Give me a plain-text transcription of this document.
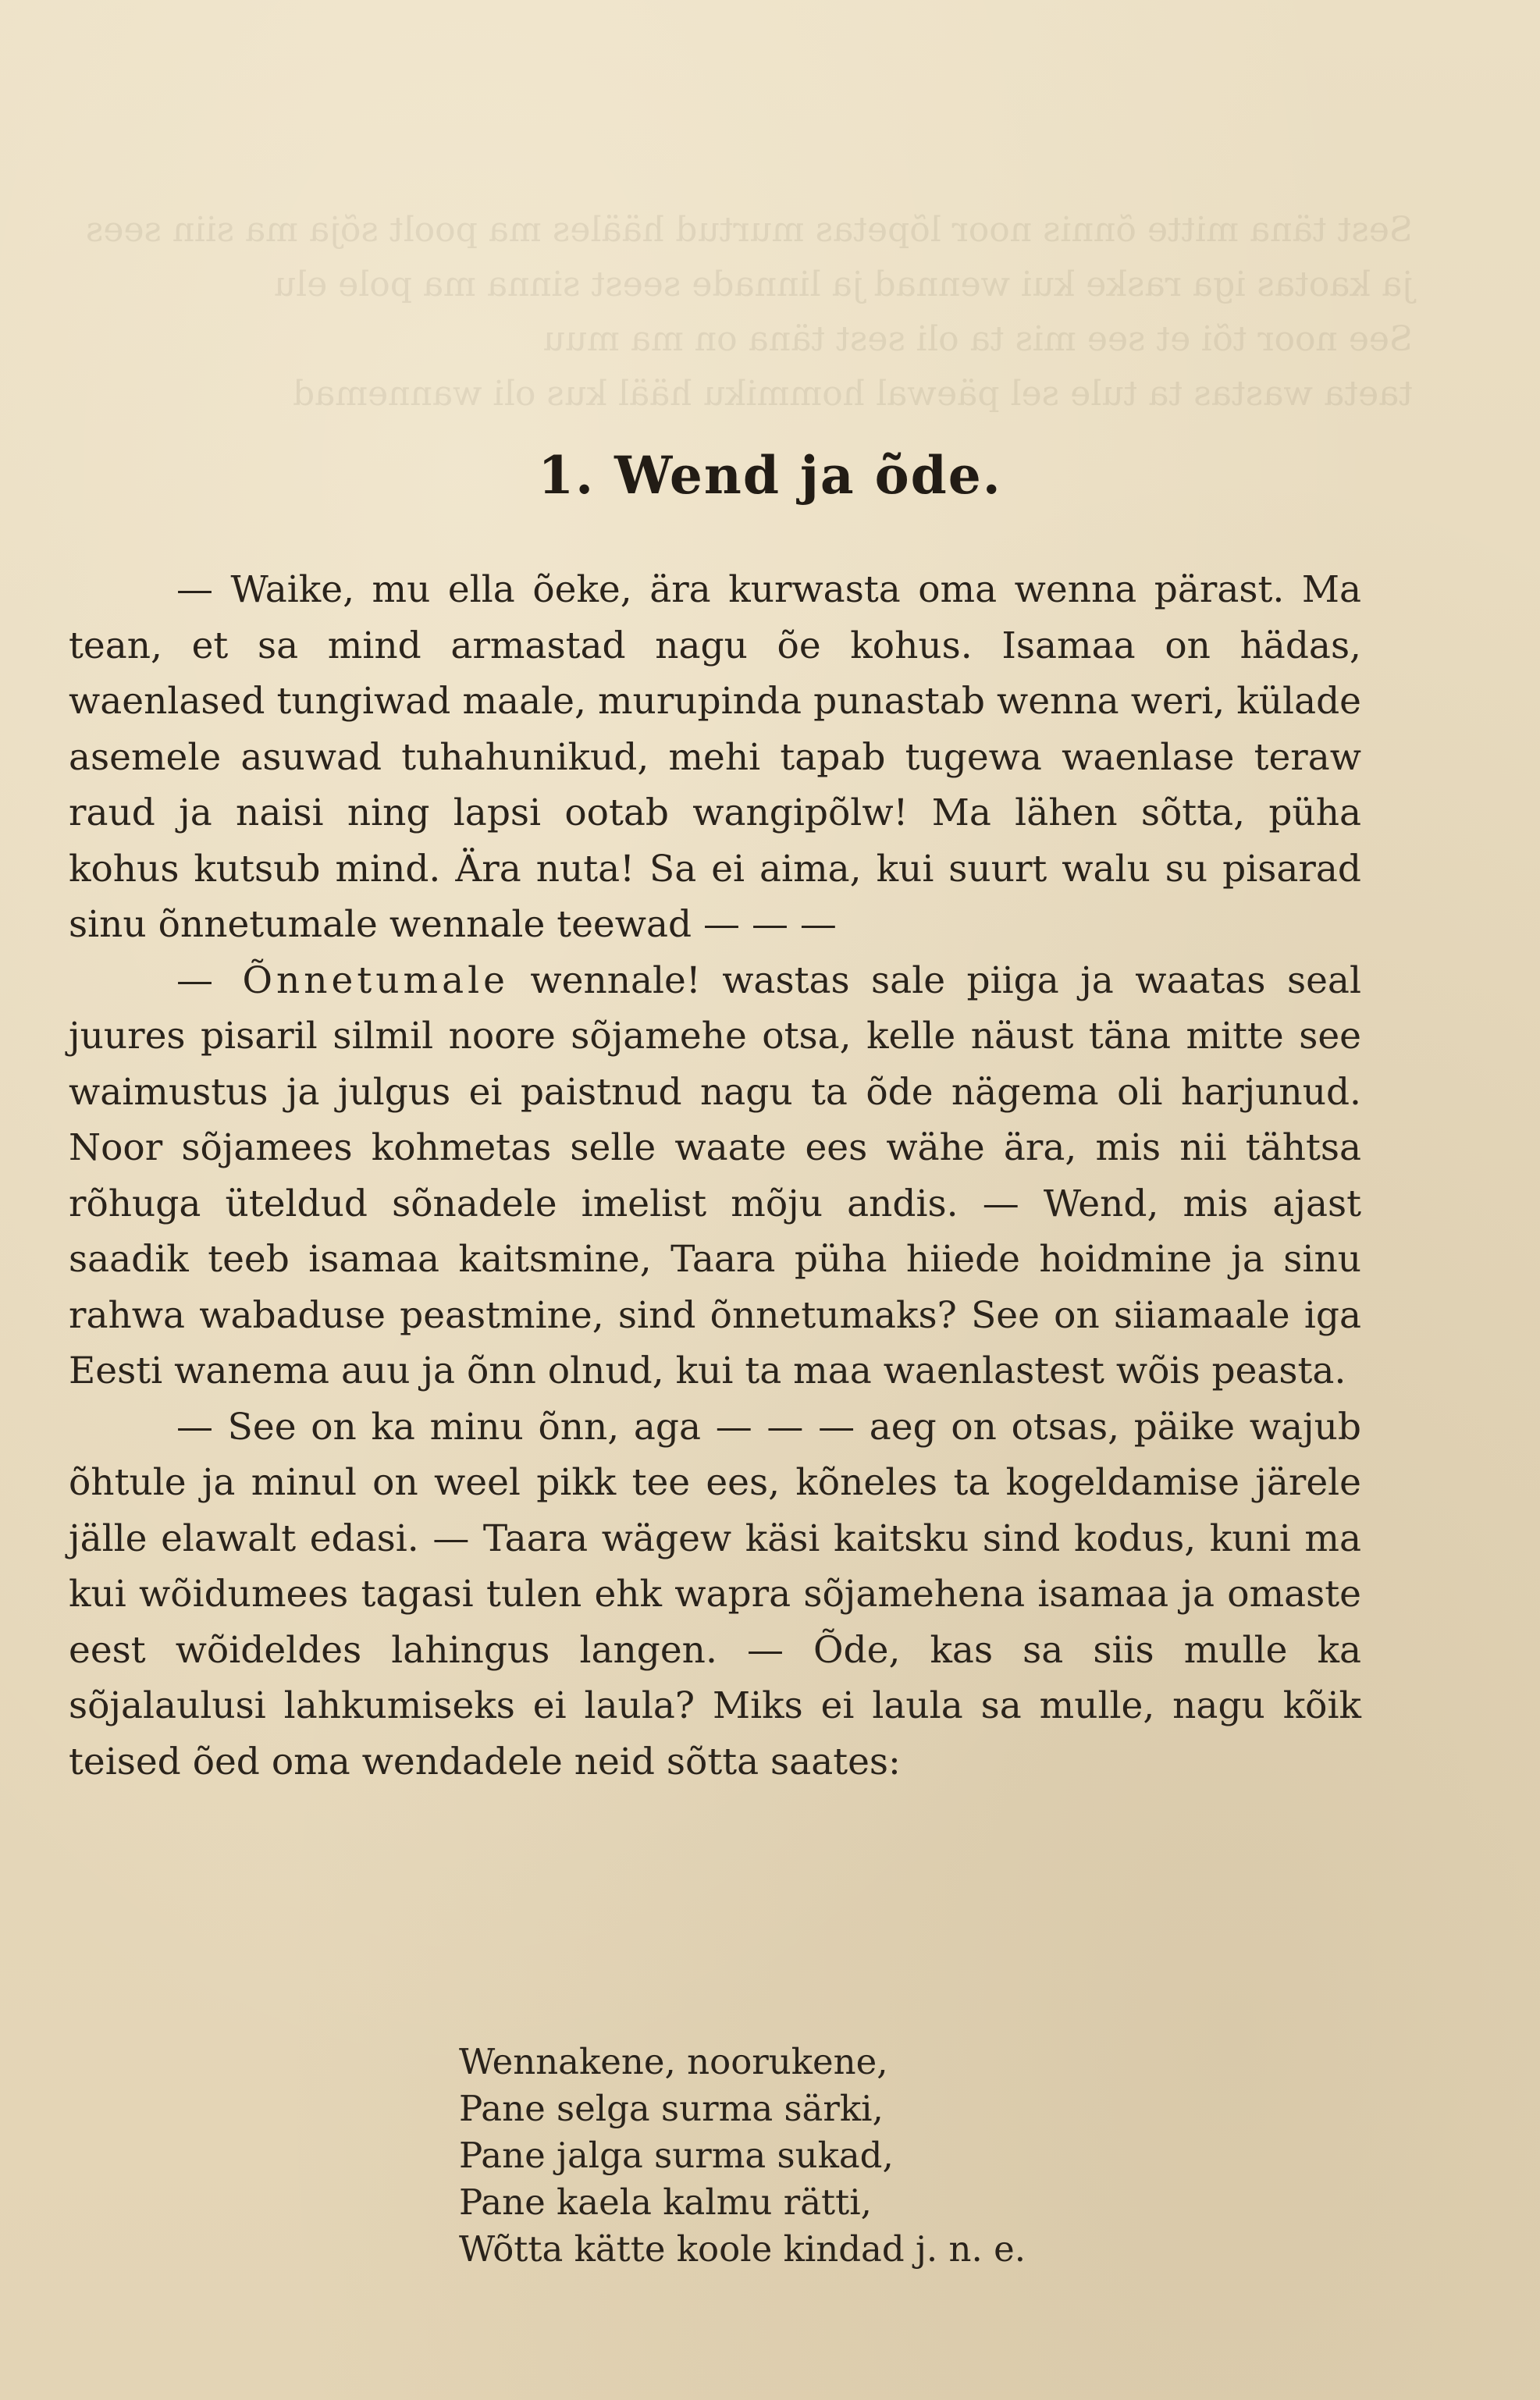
Sest täna mitte õnnis noor lõpetas murtud hääles ma poolt sõja ma siin sees
ja kaotas iga raske kui wennad ja linnade seest sinna ma pole elu
See noor tõi et see mis ta oli sest täna on ma muu
taeta wastas ta tule sel päewal hommiku hääl kus oli wannemad
1. Wend ja õde.

— Waike, mu ella õeke, ära kurwasta oma wenna pärast. Ma tean, et sa mind armastad nagu õe kohus. Isamaa on hädas, waenlased tungiwad maale, murupinda punastab wenna weri, külade asemele asuwad tuhahunikud, mehi tapab tugewa waenlase teraw raud ja naisi ning lapsi ootab wangipõlw! Ma lähen sõtta, püha kohus kutsub mind. Ära nuta! Sa ei aima, kui suurt walu su pisarad sinu õnnetumale wennale teewad — — —

— Õnnetumale wennale! wastas sale piiga ja waatas seal juures pisaril silmil noore sõjamehe otsa, kelle näust täna mitte see waimustus ja julgus ei paistnud nagu ta õde nägema oli harjunud. Noor sõjamees kohmetas selle waate ees wähe ära, mis nii tähtsa rõhuga üteldud sõnadele imelist mõju andis. — Wend, mis ajast saadik teeb isamaa kaitsmine, Taara püha hiiede hoidmine ja sinu rahwa wabaduse peastmine, sind õnnetumaks? See on siiamaale iga Eesti wanema auu ja õnn olnud, kui ta maa waenlastest wõis peasta.

— See on ka minu õnn, aga — — — aeg on otsas, päike wajub õhtule ja minul on weel pikk tee ees, kõneles ta kogeldamise järele jälle elawalt edasi. — Taara wägew käsi kaitsku sind kodus, kuni ma kui wõidumees tagasi tulen ehk wapra sõjamehena isamaa ja omaste eest wõideldes lahingus langen. — Õde, kas sa siis mulle ka sõjalaulusi lahkumiseks ei laula? Miks ei laula sa mulle, nagu kõik teised õed oma wendadele neid sõtta saates:

Wennakene, noorukene,
Pane selga surma särki,
Pane jalga surma sukad,
Pane kaela kalmu rätti,
Wõtta kätte koole kindad j. n. e.
